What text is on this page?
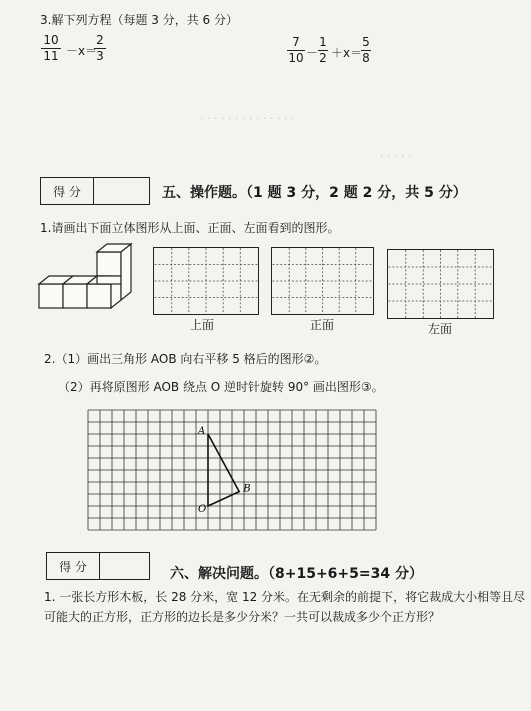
· · · · · · · · · · · · · ·
· · · · ·
3.解下列方程（每题 3 分，共 6 分）
10
11 －x＝
2
3
7
10 －
1
2 ＋x＝
5
8
得 分	五、操作题。（1 题 3 分，2 题 2 分，共 5 分）
1.请画出下面立体图形从上面、正面、左面看到的图形。
上面	正面	左面
2.（1）画出三角形 AOB 向右平移 5 格后的图形②。
（2）再将原图形 AOB 绕点 O 逆时针旋转 90° 画出图形③。
A
B
O
得 分	六、解决问题。（8+15+6+5=34 分）
1. 一张长方形木板，长 28 分米，宽 12 分米。在无剩余的前提下，将它裁成大小相等且尽
可能大的正方形，正方形的边长是多少分米？一共可以裁成多少个正方形？
